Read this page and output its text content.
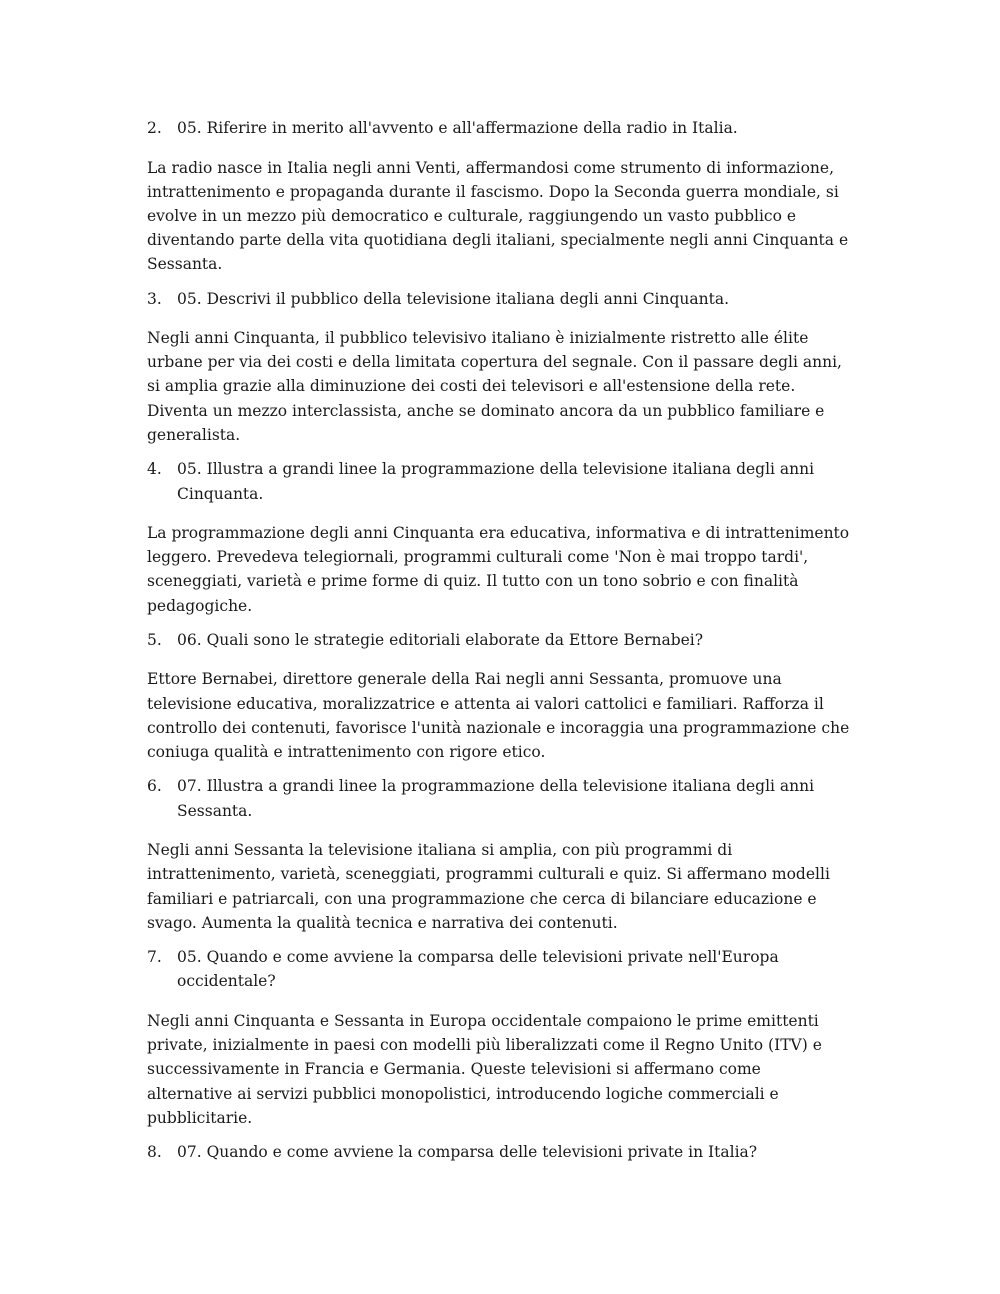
2. 05. Riferire in merito all'avvento e all'affermazione della radio in Italia.

La radio nasce in Italia negli anni Venti, affermandosi come strumento di informazione, intrattenimento e propaganda durante il fascismo. Dopo la Seconda guerra mondiale, si evolve in un mezzo più democratico e culturale, raggiungendo un vasto pubblico e diventando parte della vita quotidiana degli italiani, specialmente negli anni Cinquanta e Sessanta.

3. 05. Descrivi il pubblico della televisione italiana degli anni Cinquanta.

Negli anni Cinquanta, il pubblico televisivo italiano è inizialmente ristretto alle élite urbane per via dei costi e della limitata copertura del segnale. Con il passare degli anni, si amplia grazie alla diminuzione dei costi dei televisori e all'estensione della rete. Diventa un mezzo interclassista, anche se dominato ancora da un pubblico familiare e generalista.

4. 05. Illustra a grandi linee la programmazione della televisione italiana degli anni Cinquanta.

La programmazione degli anni Cinquanta era educativa, informativa e di intrattenimento leggero. Prevedeva telegiornali, programmi culturali come 'Non è mai troppo tardi', sceneggiati, varietà e prime forme di quiz. Il tutto con un tono sobrio e con finalità pedagogiche.

5. 06. Quali sono le strategie editoriali elaborate da Ettore Bernabei?

Ettore Bernabei, direttore generale della Rai negli anni Sessanta, promuove una televisione educativa, moralizzatrice e attenta ai valori cattolici e familiari. Rafforza il controllo dei contenuti, favorisce l'unità nazionale e incoraggia una programmazione che coniuga qualità e intrattenimento con rigore etico.

6. 07. Illustra a grandi linee la programmazione della televisione italiana degli anni Sessanta.

Negli anni Sessanta la televisione italiana si amplia, con più programmi di intrattenimento, varietà, sceneggiati, programmi culturali e quiz. Si affermano modelli familiari e patriarcali, con una programmazione che cerca di bilanciare educazione e svago. Aumenta la qualità tecnica e narrativa dei contenuti.

7. 05. Quando e come avviene la comparsa delle televisioni private nell'Europa occidentale?

Negli anni Cinquanta e Sessanta in Europa occidentale compaiono le prime emittenti private, inizialmente in paesi con modelli più liberalizzati come il Regno Unito (ITV) e successivamente in Francia e Germania. Queste televisioni si affermano come alternative ai servizi pubblici monopolistici, introducendo logiche commerciali e pubblicitarie.

8. 07. Quando e come avviene la comparsa delle televisioni private in Italia?
